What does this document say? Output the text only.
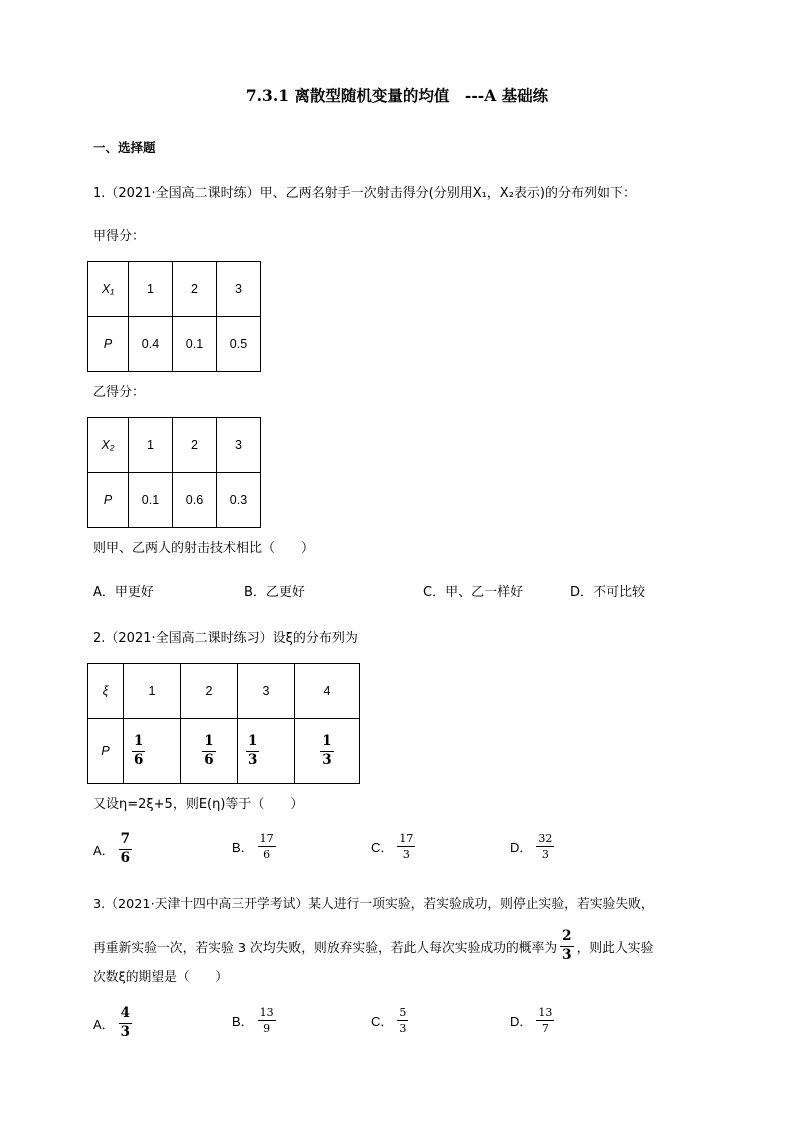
7.3.1 离散型随机变量的均值　---A 基础练
一、选择题
1.（2021·全国高二课时练）甲、乙两名射手一次射击得分(分别用X₁，X₂表示)的分布列如下：
甲得分：
X₁	1	2	3
P	0.4	0.1	0.5
乙得分：
X₂	1	2	3
P	0.1	0.6	0.3
则甲、乙两人的射击技术相比（　　）
A．甲更好	B．乙更好	C．甲、乙一样好	D．不可比较
2.（2021·全国高二课时练习）设ξ的分布列为
ξ	1	2	3	4
P	$\frac{1}{6}$	$\frac{1}{6}$	$\frac{1}{3}$	$\frac{1}{3}$
又设η=2ξ+5，则E(η)等于（　　）
A． $\frac{7}{6}$	B． $\frac{17}{6}$	C． $\frac{17}{3}$	D． $\frac{32}{3}$
3.（2021·天津十四中高三开学考试）某人进行一项实验，若实验成功，则停止实验，若实验失败，
再重新实验一次，若实验 3 次均失败，则放弃实验，若此人每次实验成功的概率为 $\frac{2}{3}$ ，则此人实验
次数ξ的期望是（　　）
A． $\frac{4}{3}$	B． $\frac{13}{9}$	C． $\frac{5}{3}$	D． $\frac{13}{7}$
